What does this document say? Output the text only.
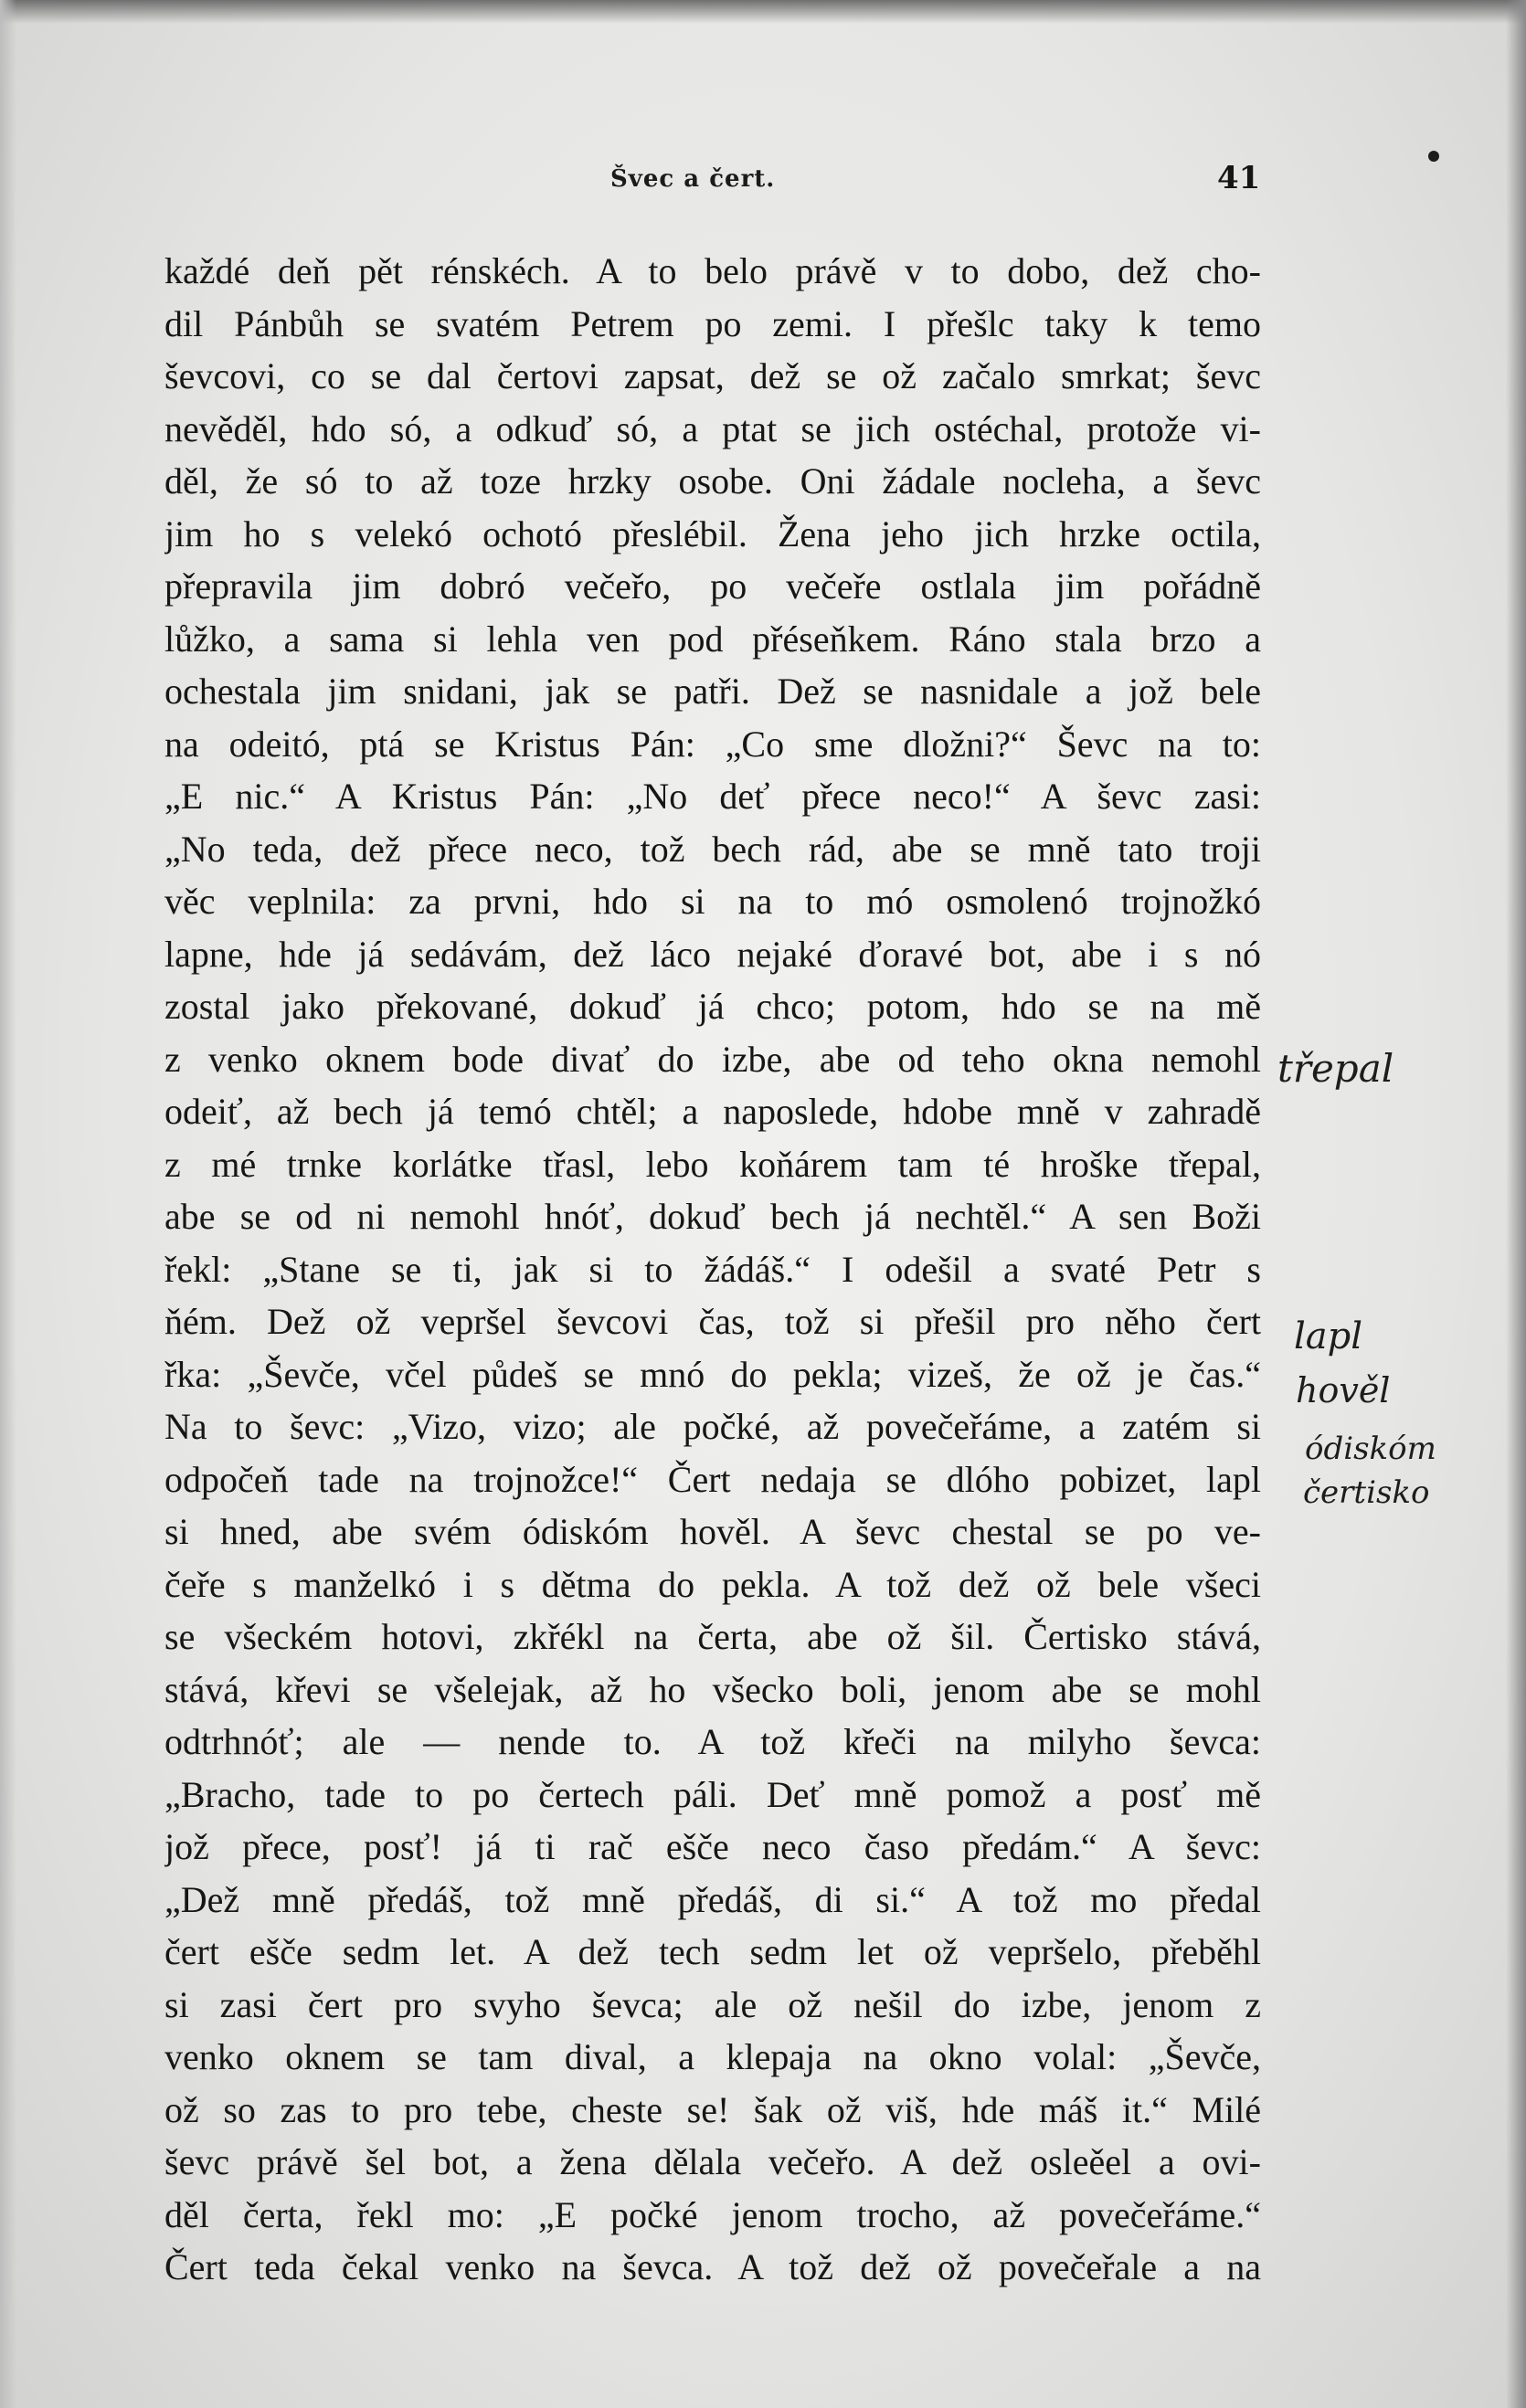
Švec a čert.	41
každé deň pět rénskéch. A to belo právě v to dobo, dež cho-
dil Pánbůh se svatém Petrem po zemi. I přešlc taky k temo
ševcovi, co se dal čertovi zapsat, dež se ož začalo smrkat; ševc
nevěděl, hdo só, a odkuď só, a ptat se jich ostéchal, protože vi-
děl, že só to až toze hrzky osobe. Oni žádale nocleha, a ševc
jim ho s velekó ochotó přeslébil. Žena jeho jich hrzke octila,
přepravila jim dobró večeřo, po večeře ostlala jim pořádně
lůžko, a sama si lehla ven pod přéseňkem. Ráno stala brzo a
ochestala jim snidani, jak se patři. Dež se nasnidale a jož bele
na odeitó, ptá se Kristus Pán: „Co sme dložni?“ Ševc na to:
„E nic.“ A Kristus Pán: „No deť přece neco!“ A ševc zasi:
„No teda, dež přece neco, tož bech rád, abe se mně tato troji
věc veplnila: za prvni, hdo si na to mó osmolenó trojnožkó
lapne, hde já sedávám, dež láco nejaké ďoravé bot, abe i s nó
zostal jako překované, dokuď já chco; potom, hdo se na mě
z venko oknem bode divať do izbe, abe od teho okna nemohl
odeiť, až bech já temó chtěl; a naposlede, hdobe mně v zahradě
z mé trnke korlátke třasl, lebo koňárem tam té hroške třepal,
abe se od ni nemohl hnóť, dokuď bech já nechtěl.“ A sen Boži
řekl: „Stane se ti, jak si to žádáš.“ I odešil a svaté Petr s
ňém. Dež ož vepršel ševcovi čas, tož si přešil pro něho čert
řka: „Ševče, včel půdeš se mnó do pekla; vizeš, že ož je čas.“
Na to ševc: „Vizo, vizo; ale počké, až povečeřáme, a zatém si
odpočeň tade na trojnožce!“ Čert nedaja se dlóho pobizet, lapl
si hned, abe svém ódiskóm hověl. A ševc chestal se po ve-
čeře s manželkó i s dětma do pekla. A tož dež ož bele všeci
se všeckém hotovi, zkřékl na čerta, abe ož šil. Čertisko stává,
stává, křevi se všelejak, až ho všecko boli, jenom abe se mohl
odtrhnóť; ale — nende to. A tož křeči na milyho ševca:
„Bracho, tade to po čertech páli. Deť mně pomož a posť mě
jož přece, posť! já ti rač ešče neco časo předám.“ A ševc:
„Dež mně předáš, tož mně předáš, di si.“ A tož mo předal
čert ešče sedm let. A dež tech sedm let ož vepršelo, přeběhl
si zasi čert pro svyho ševca; ale ož nešil do izbe, jenom z
venko oknem se tam dival, a klepaja na okno volal: „Ševče,
ož so zas to pro tebe, cheste se! šak ož viš, hde máš it.“ Milé
ševc právě šel bot, a žena dělala večeřo. A dež osleěel a ovi-
děl čerta, řekl mo: „E počké jenom trocho, až povečeřáme.“
Čert teda čekal venko na ševca. A tož dež ož povečeřale a na
třepal
lapl
hověl
ódiskóm
čertisko
